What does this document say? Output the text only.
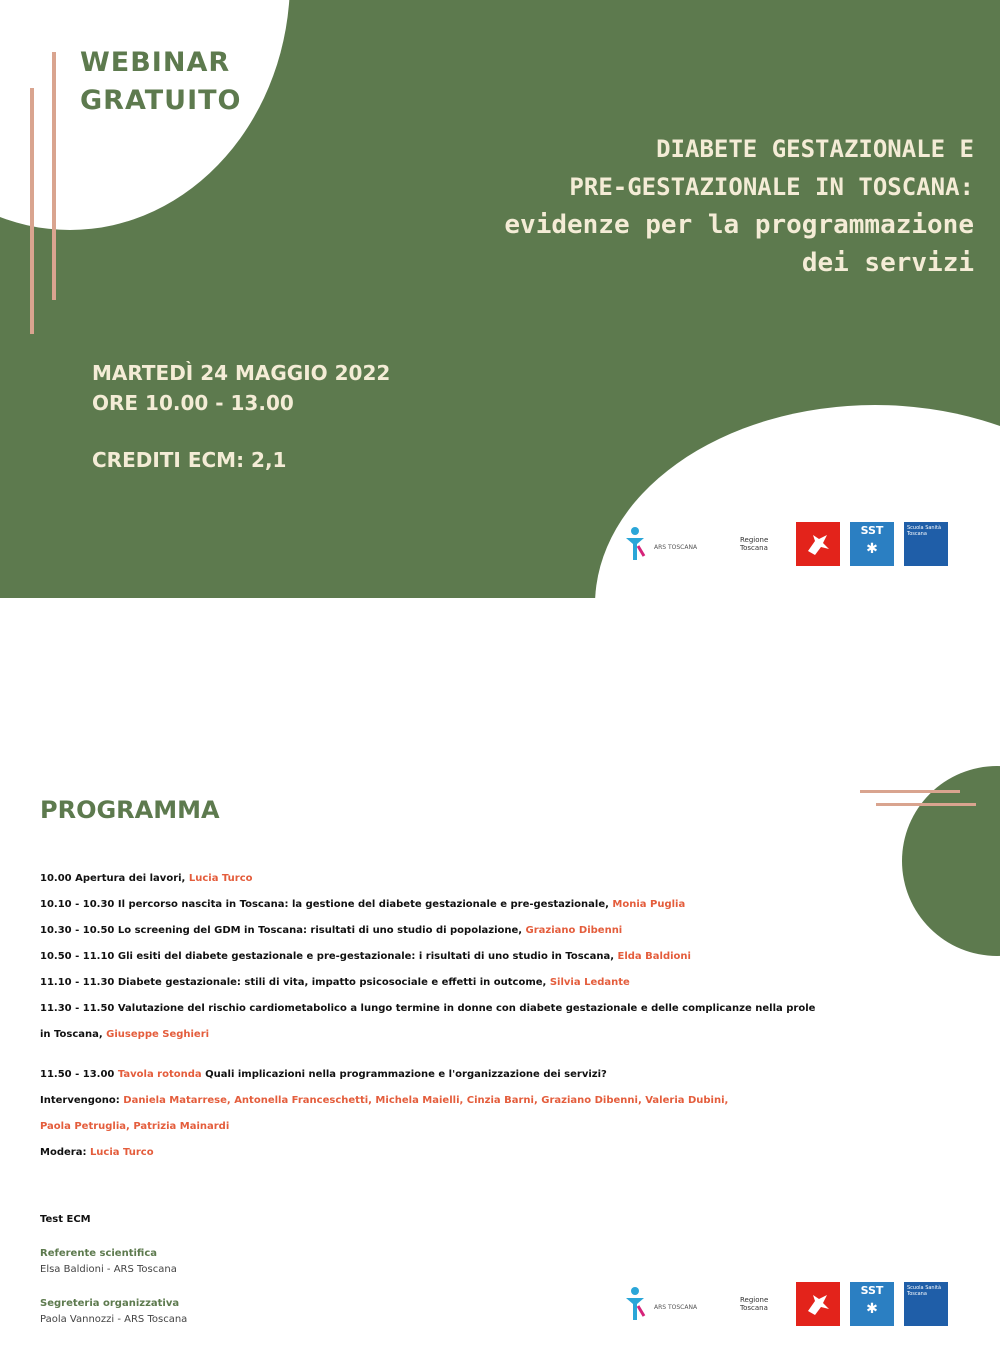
WEBINAR
GRATUITO
DIABETE GESTAZIONALE E
PRE-GESTAZIONALE IN TOSCANA:
evidenze per la programmazione
dei servizi
MARTEDÌ 24 MAGGIO 2022
ORE 10.00 - 13.00
CREDITI ECM: 2,1
ARS TOSCANA
Regione Toscana
SST
✱
Scuola Sanità Toscana
PROGRAMMA
10.00 Apertura dei lavori, Lucia Turco
10.10 - 10.30 Il percorso nascita in Toscana: la gestione del diabete gestazionale e pre-gestazionale, Monia Puglia
10.30 - 10.50 Lo screening del GDM in Toscana: risultati di uno studio di popolazione, Graziano Dibenni
10.50 - 11.10 Gli esiti del diabete gestazionale e pre-gestazionale: i risultati di uno studio in Toscana, Elda Baldioni
11.10 - 11.30 Diabete gestazionale: stili di vita, impatto psicosociale e effetti in outcome, Silvia Ledante
11.30 - 11.50 Valutazione del rischio cardiometabolico a lungo termine in donne con diabete gestazionale e delle complicanze nella prole
in Toscana, Giuseppe Seghieri
11.50 - 13.00 Tavola rotonda Quali implicazioni nella programmazione e l'organizzazione dei servizi?
Intervengono: Daniela Matarrese, Antonella Franceschetti, Michela Maielli, Cinzia Barni, Graziano Dibenni, Valeria Dubini,
Paola Petruglia, Patrizia Mainardi
Modera: Lucia Turco
Test ECM
Referente scientifica
Elsa Baldioni - ARS Toscana
Segreteria organizzativa
Paola Vannozzi - ARS Toscana
ARS TOSCANA
Regione Toscana
SST
✱
Scuola Sanità Toscana
